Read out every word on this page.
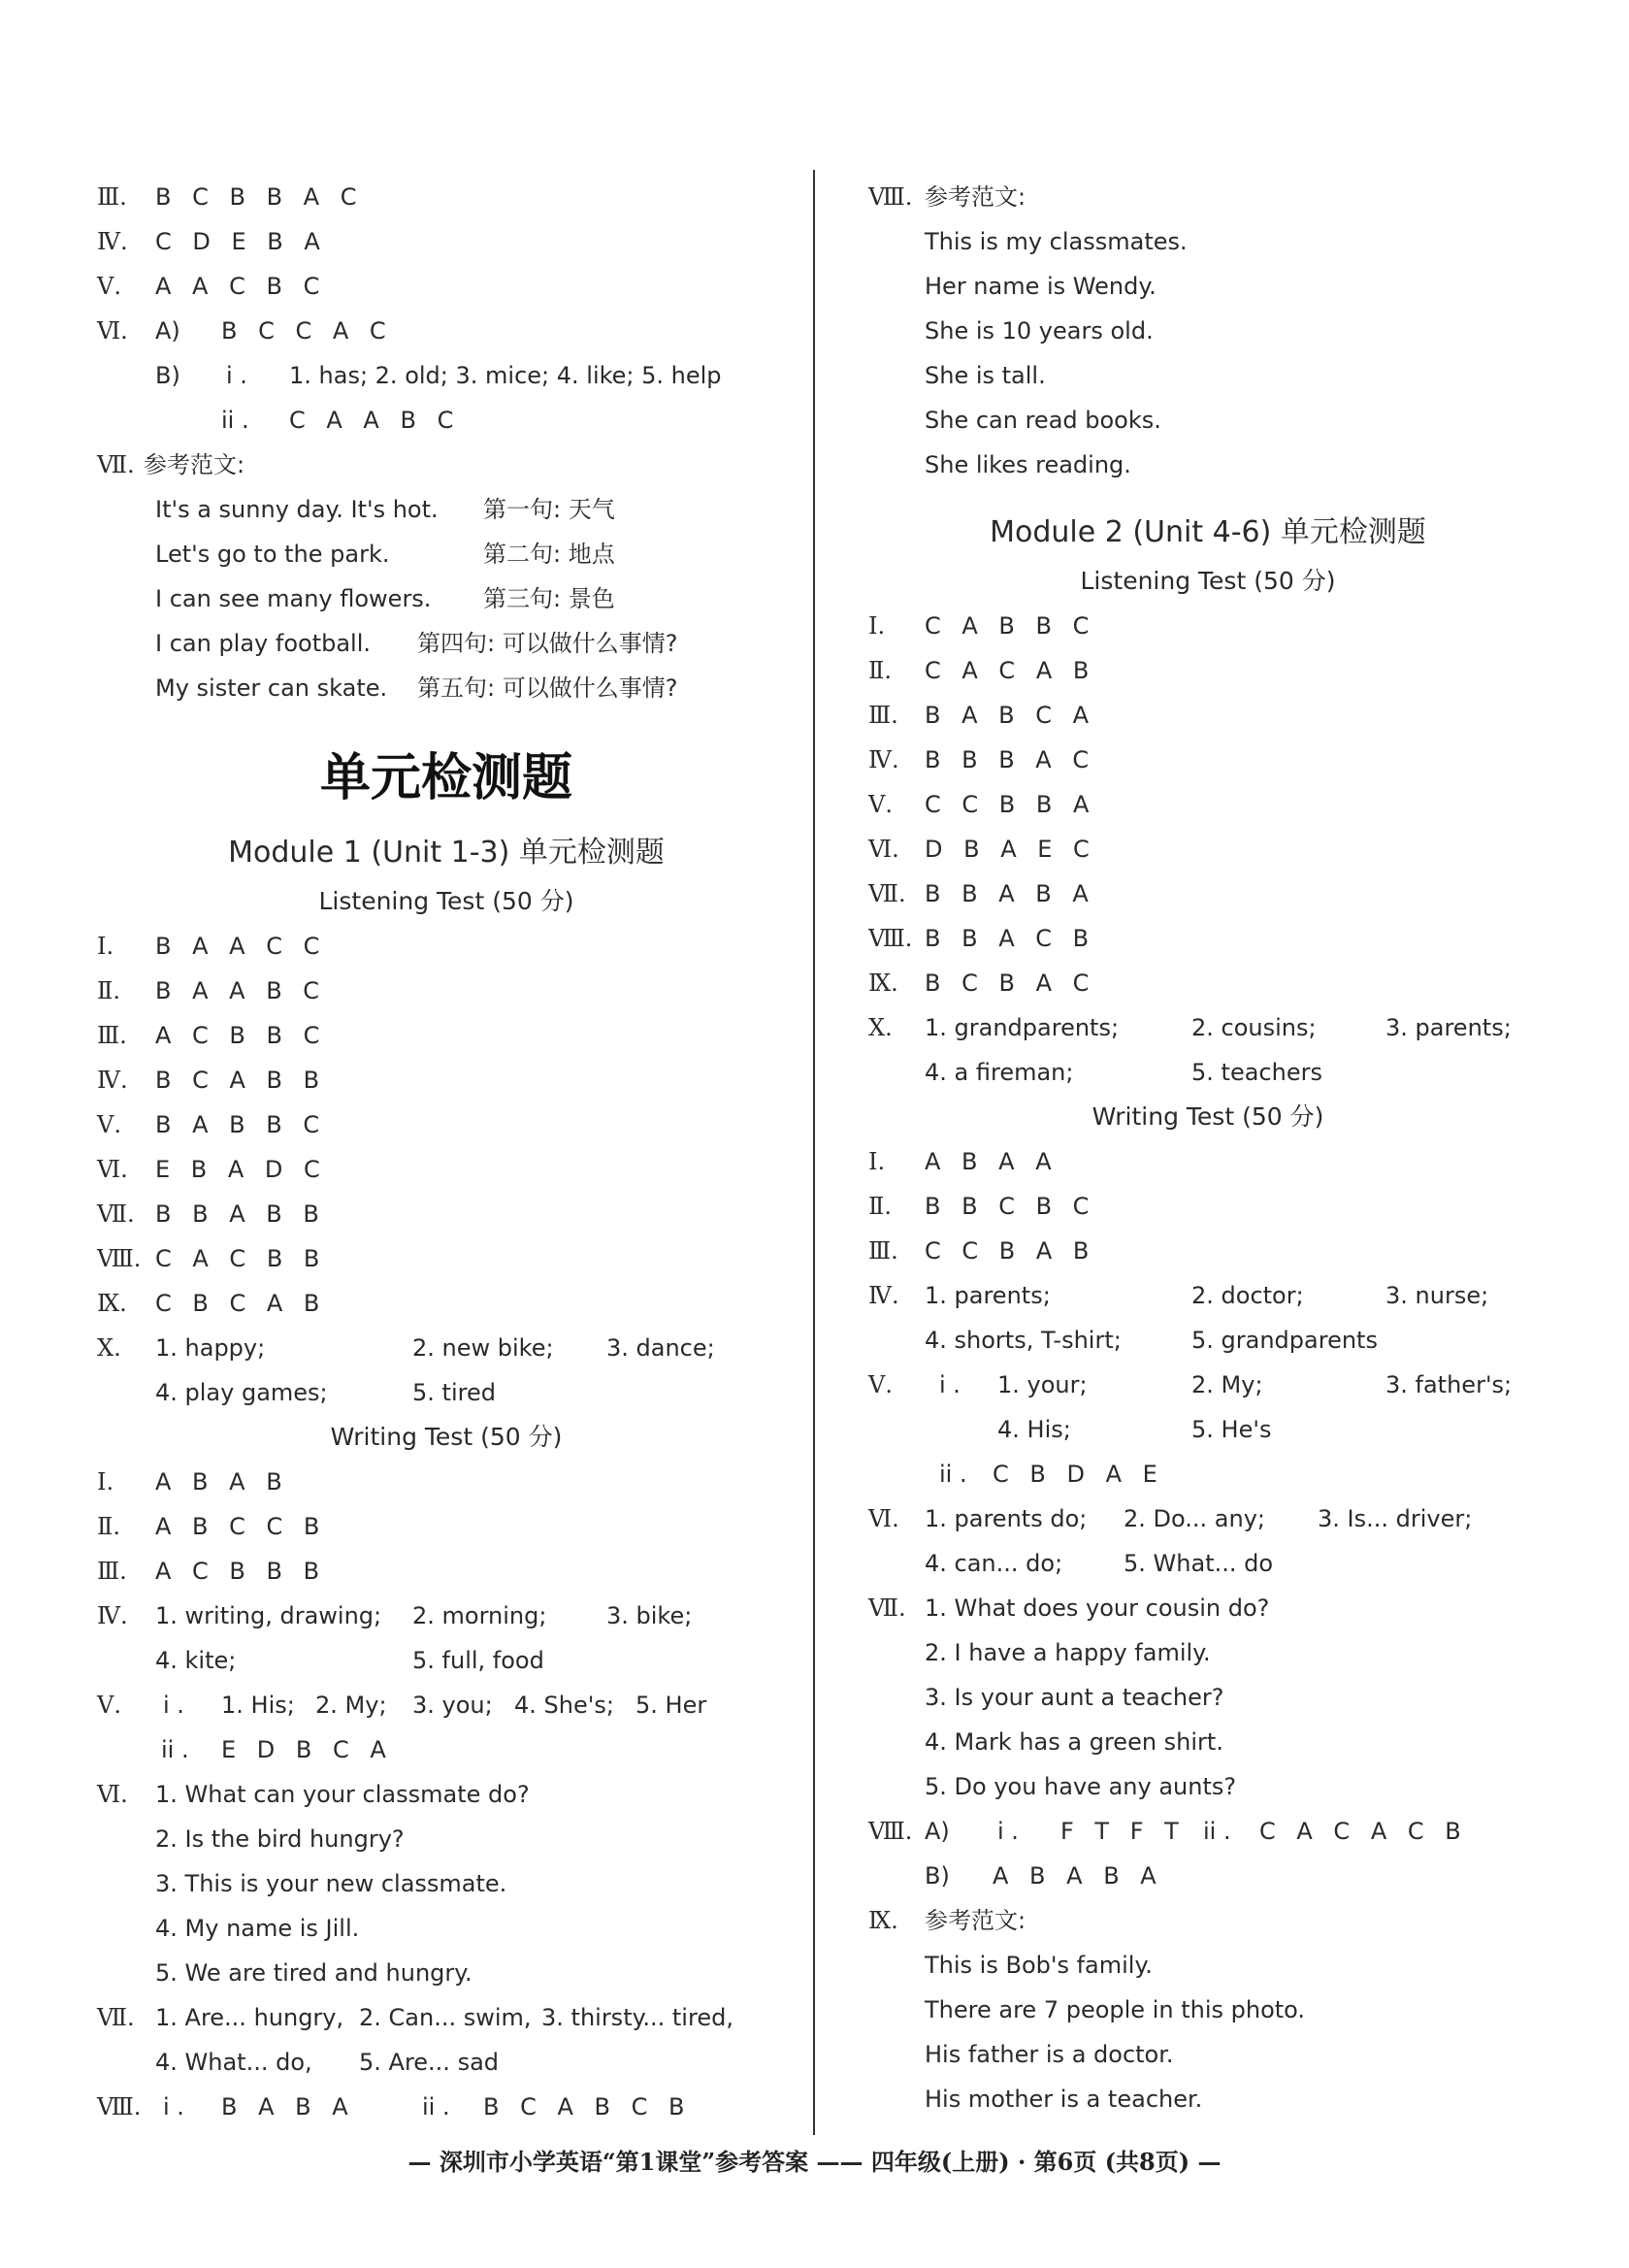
Ⅲ. B C B B A C
Ⅳ. C D E B A
Ⅴ. A A C B C
Ⅵ. A) B C C A C
B) i . 1. has; 2. old; 3. mice; 4. like; 5. help
ii . C A A B C
Ⅶ. 参考范文:
It's a sunny day. It's hot. 第一句: 天气
Let's go to the park.	第二句: 地点
I can see many flowers. 第三句: 景色
I can play football. 第四句: 可以做什么事情?
My sister can skate. 第五句: 可以做什么事情?
单元检测题
Module 1 (Unit 1-3) 单元检测题
Listening Test (50 分)
Ⅰ. B A A C C
Ⅱ. B A A B C
Ⅲ. A C B B C
Ⅳ. B C A B B
Ⅴ. B A B B C
Ⅵ. E B A D C
Ⅶ. B B A B B
Ⅷ. C A C B B
Ⅸ. C B C A B
Ⅹ. 1. happy;	2. new bike; 3. dance;
4. play games;	5. tired
Writing Test (50 分)
Ⅰ. A B A B
Ⅱ. A B C C B
Ⅲ. A C B B B
Ⅳ. 1. writing, drawing; 2. morning;	3. bike;
4. kite;	5. full, food
Ⅴ. i . 1. His; 2. My; 3. you; 4. She's; 5. Her
ii . E D B C A
Ⅵ. 1. What can your classmate do?
2. Is the bird hungry?
3. This is your new classmate.
4. My name is Jill.
5. We are tired and hungry.
Ⅶ. 1. Are... hungry, 2. Can... swim, 3. thirsty... tired,
4. What... do, 5. Are... sad
Ⅷ. i . B A B A	ii . B C A B C B
Ⅷ. 参考范文:
This is my classmates.
Her name is Wendy.
She is 10 years old.
She is tall.
She can read books.
She likes reading.
Module 2 (Unit 4-6) 单元检测题
Listening Test (50 分)
Ⅰ. C A B B C
Ⅱ. C A C A B
Ⅲ. B A B C A
Ⅳ. B B B A C
Ⅴ. C C B B A
Ⅵ. D B A E C
Ⅶ. B B A B A
Ⅷ. B B A C B
Ⅸ. B C B A C
Ⅹ. 1. grandparents;	2. cousins;	3. parents;
4. a fireman;	5. teachers
Writing Test (50 分)
Ⅰ. A B A A
Ⅱ. B B C B C
Ⅲ. C C B A B
Ⅳ. 1. parents;	2. doctor;	3. nurse;
4. shorts, T-shirt;	5. grandparents
Ⅴ. i . 1. your;	2. My;	3. father's;
4. His;	5. He's
ii . C B D A E
Ⅵ. 1. parents do; 2. Do... any; 3. Is... driver;
4. can... do;	5. What... do
Ⅶ. 1. What does your cousin do?
2. I have a happy family.
3. Is your aunt a teacher?
4. Mark has a green shirt.
5. Do you have any aunts?
Ⅷ. A) i . F T F T ii . C A C A C B
B) A B A B A
Ⅸ. 参考范文:
This is Bob's family.
There are 7 people in this photo.
His father is a doctor.
His mother is a teacher.
— 深圳市小学英语“第1课堂”参考答案 —— 四年级(上册) · 第6页 (共8页) —
